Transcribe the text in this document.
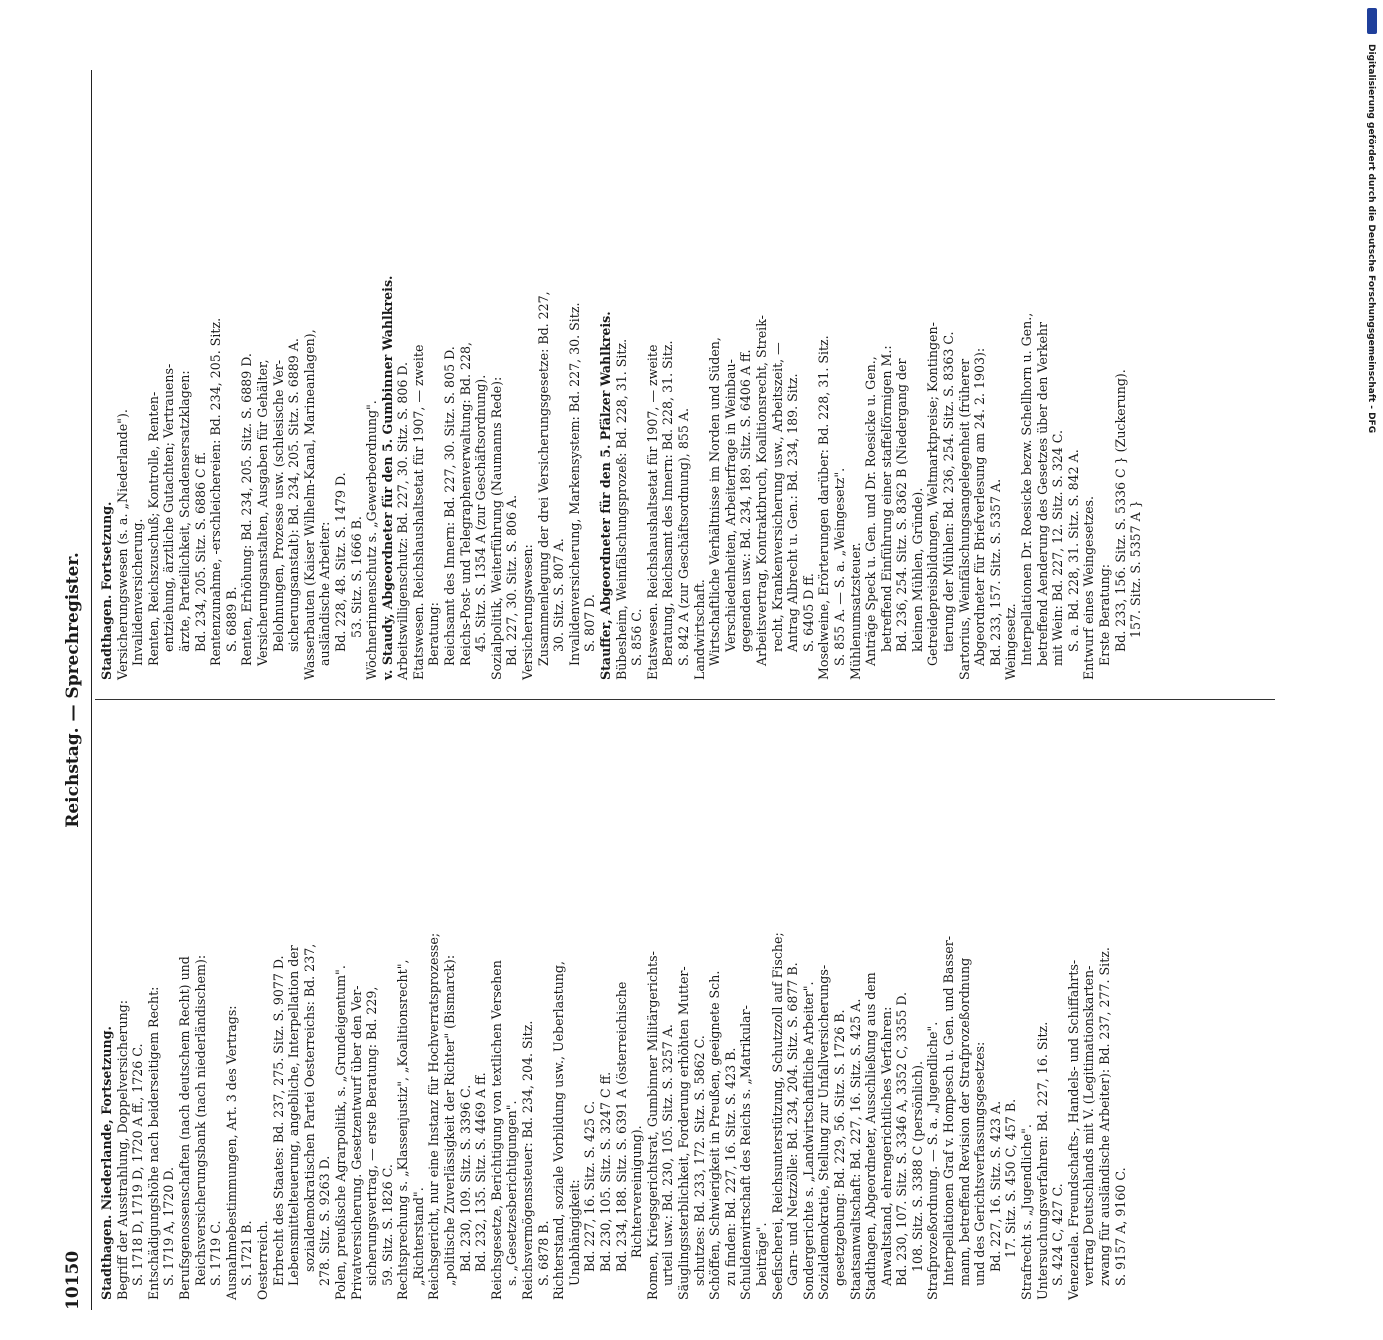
10150
Reichstag. — Sprechregister.
Stadthagen. Niederlande, Fortsetzung. Begriff der Ausstrahlung, Doppelversicherung: S. 1718 D, 1719 D, 1720 A ff., 1726 C. Entschädigungshöhe nach beiderseitigem Recht: S. 1719 A, 1720 D. Berufsgenossenschaften (nach deutschem Recht) und Reichsversicherungsbank (nach niederländischem): S. 1719 C. Ausnahmebestimmungen, Art. 3 des Vertrags: S. 1721 B. Oesterreich. Erbrecht des Staates: Bd. 237, 275. Sitz. S. 9077 D. Lebensmittelteuerung, angebliche, Interpellation der sozialdemokratischen Partei Oesterreichs: Bd. 237, 278. Sitz. S. 9263 D. Polen, preußische Agrarpolitik, s. „Grundeigentum". Privatversicherung. Gesetzentwurf über den Ver- sicherungsvertrag, — erste Beratung: Bd. 229, 59. Sitz. S. 1826 C. Rechtsprechung s. „Klassenjustiz", „Koalitionsrecht", „Richterstand". Reichsgericht, nur eine Instanz für Hochverratsprozesse; „politische Zuverlässigkeit der Richter" (Bismarck): Bd. 230, 109. Sitz. S. 3396 C. Bd. 232, 135. Sitz. S. 4469 A ff. Reichsgesetze, Berichtigung von textlichen Versehen s. „Gesetzesberichtigungen". Reichsvermögenssteuer: Bd. 234, 204. Sitz. S. 6878 B. Richterstand, soziale Vorbildung usw., Ueberlastung, Unabhängigkeit: Bd. 227, 16. Sitz. S. 425 C. Bd. 230, 105. Sitz. S. 3247 C ff. Bd. 234, 188. Sitz. S. 6391 A (österreichische Richtervereinigung). Romen, Kriegsgerichtsrat, Gumbinner Militärgerichts- urteil usw.: Bd. 230, 105. Sitz. S. 3257 A. Säuglingssterblichkeit, Forderung erhöhten Mutter- schutzes: Bd. 233, 172. Sitz. S. 5862 C. Schöffen, Schwierigkeit in Preußen, geeignete Sch. zu finden: Bd. 227, 16. Sitz. S. 423 B. Schuldenwirtschaft des Reichs s. „Matrikular- beiträge". Seefischerei, Reichsunterstützung, Schutzzoll auf Fische; Garn- und Netzzölle: Bd. 234, 204. Sitz. S. 6877 B. Sondergerichte s. „Landwirtschaftliche Arbeiter". Sozialdemokratie, Stellung zur Unfallversicherungs- gesetzgebung: Bd. 229, 56. Sitz. S. 1726 B. Staatsanwaltschaft: Bd. 227, 16. Sitz. S. 425 A. Stadthagen, Abgeordneter, Ausschließung aus dem Anwaltstand, ehrengerichtliches Verfahren: Bd. 230, 107. Sitz. S. 3346 A, 3352 C, 3355 D. 108. Sitz. S. 3388 C (persönlich). Strafprozeßordnung. — S. a. „Jugendliche". Interpellationen Graf v. Hompesch u. Gen. und Basser- mann, betreffend Revision der Strafprozeßordnung und des Gerichtsverfassungsgesetzes: Bd. 227, 16. Sitz. S. 423 A. 17. Sitz. S. 450 C, 457 B. Strafrecht s. „Jugendliche". Untersuchungsverfahren: Bd. 227, 16. Sitz. S. 424 C, 427 C. Venezuela. Freundschafts-, Handels- und Schiffahrts- vertrag Deutschlands mit V. (Legitimationskarten- zwang für ausländische Arbeiter): Bd. 237, 277. Sitz. S. 9157 A, 9160 C.
Stadthagen. Fortsetzung. Versicherungswesen (s. a. „Niederlande"). Invalidenversicherung. Renten, Reichszuschuß; Kontrolle, Renten- entziehung, ärztliche Gutachten; Vertrauens- ärzte, Parteilichkeit, Schadensersatzklagen: Bd. 234, 205. Sitz. S. 6886 C ff. Rentenzunahme, -erschleichereien: Bd. 234, 205. Sitz. S. 6889 B. Renten, Erhöhung: Bd. 234, 205. Sitz. S. 6889 D. Versicherungsanstalten, Ausgaben für Gehälter, Belohnungen, Prozesse usw. (schlesische Ver- sicherungsanstalt): Bd. 234, 205. Sitz. S. 6889 A. Wasserbauten (Kaiser Wilhelm-Kanal, Marineanlagen), ausländische Arbeiter: Bd. 228, 48. Sitz. S. 1479 D. 53. Sitz. S. 1666 B. Wöchnerinnenschutz s. „Gewerbeordnung". v. Staudy, Abgeordneter für den 5. Gumbinner Wahlkreis. Arbeitswilligenschutz: Bd. 227, 30. Sitz. S. 806 D. Etatswesen. Reichshaushaltsetat für 1907, — zweite Beratung: Reichsamt des Innern: Bd. 227, 30. Sitz. S. 805 D. Reichs-Post- und Telegraphenverwaltung: Bd. 228, 45. Sitz. S. 1354 A (zur Geschäftsordnung). Sozialpolitik, Weiterführung (Naumanns Rede): Bd. 227, 30. Sitz. S. 806 A. Versicherungswesen: Zusammenlegung der drei Versicherungsgesetze: Bd. 227, 30. Sitz. S. 807 A. Invalidenversicherung, Markensystem: Bd. 227, 30. Sitz. S. 807 D. Stauffer, Abgeordneter für den 5. Pfälzer Wahlkreis. Bübesheim, Weinfälschungsprozeß: Bd. 228, 31. Sitz. S. 856 C. Etatswesen. Reichshaushaltsetat für 1907, — zweite Beratung, Reichsamt des Innern: Bd. 228, 31. Sitz. S. 842 A (zur Geschäftsordnung), 855 A. Landwirtschaft. Wirtschaftliche Verhältnisse im Norden und Süden, Verschiedenheiten, Arbeiterfrage in Weinbau- gegenden usw.: Bd. 234, 189. Sitz. S. 6406 A ff. Arbeitsvertrag, Kontraktbruch, Koalitionsrecht, Streik- recht, Krankenversicherung usw., Arbeitszeit, — Antrag Albrecht u. Gen.: Bd. 234, 189. Sitz. S. 6405 D ff. Moselweine, Erörterungen darüber: Bd. 228, 31. Sitz. S. 855 A. — S. a. „Weingesetz". Mühlenumsatzsteuer. Anträge Speck u. Gen. und Dr. Roesicke u. Gen., betreffend Einführung einer staffelförmigen M.: Bd. 236, 254. Sitz. S. 8362 B (Niedergang der kleinen Mühlen, Gründe). Getreidepreisbildungen, Weltmarktpreise; Kontingen- tierung der Mühlen: Bd. 236, 254. Sitz. S. 8363 C. Sartorius, Weinfälschungsangelegenheit (früherer Abgeordneter für Briefverlesung am 24. 2. 1903): Bd. 233, 157. Sitz. S. 5357 A. Weingesetz. Interpellationen Dr. Roesicke bezw. Schellhorn u. Gen., betreffend Aenderung des Gesetzes über den Verkehr mit Wein: Bd. 227, 12. Sitz. S. 324 C. S. a. Bd. 228, 31. Sitz. S. 842 A. Entwurf eines Weingesetzes. Erste Beratung: Bd. 233, 156. Sitz. S. 5336 C } (Zuckerung). 157. Sitz. S. 5357 A }
Digitalisierung gefördert durch die Deutsche Forschungsgemeinschaft - DFG
